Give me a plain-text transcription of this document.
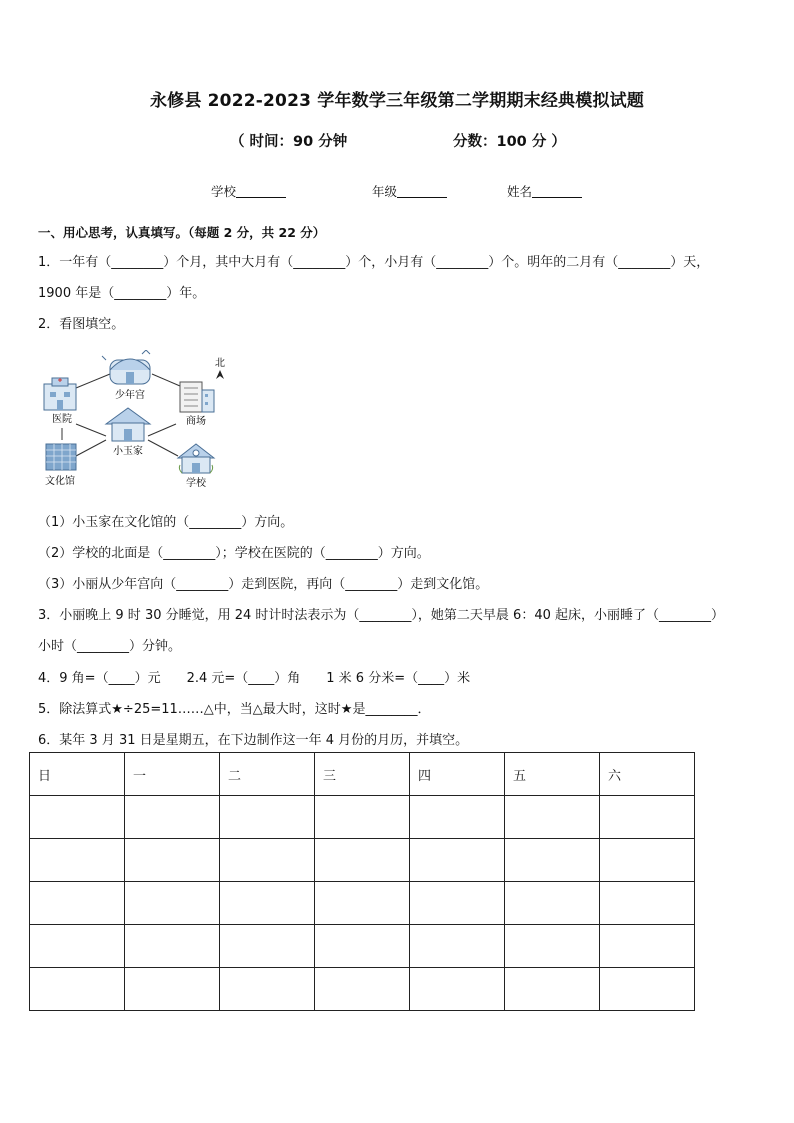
永修县 2022-2023 学年数学三年级第二学期期末经典模拟试题
（ 时间：90 分钟	分数：100 分 ）
学校	年级	姓名
一、用心思考，认真填写。（每题 2 分，共 22 分）
1．一年有（________）个月，其中大月有（________）个，小月有（________）个。明年的二月有（________）天，
1900 年是（________）年。
2．看图填空。
少年宫
医院	商场
北
小玉家
文化馆	学校
（1）小玉家在文化馆的（________）方向。
（2）学校的北面是（________）；学校在医院的（________）方向。
（3）小丽从少年宫向（________）走到医院，再向（________）走到文化馆。
3．小丽晚上 9 时 30 分睡觉，用 24 时计时法表示为（________），她第二天早晨 6：40 起床，小丽睡了（________）
小时（________）分钟。
4．9 角=（____）元　　2.4 元=（____）角　　1 米 6 分米=（____）米
5．除法算式★÷25=11……△中，当△最大时，这时★是________．
6．某年 3 月 31 日是星期五，在下边制作这一年 4 月份的月历，并填空。
日	一	二	三	四	五	六
